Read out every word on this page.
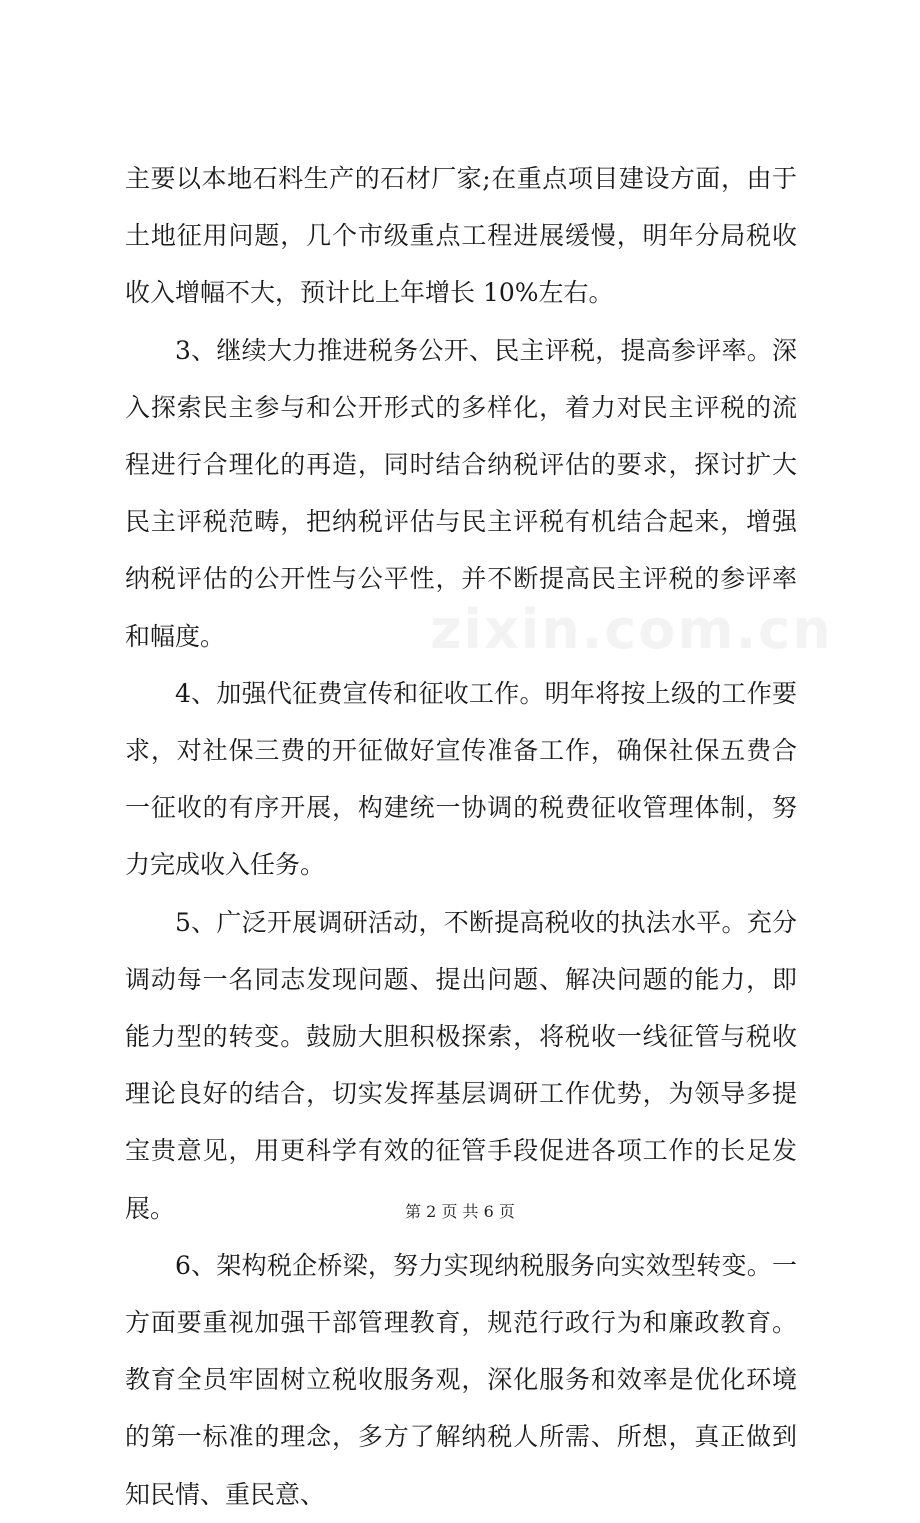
主要以本地石料生产的石材厂家;在重点项目建设方面，由于土地征用问题，几个市级重点工程进展缓慢，明年分局税收收入增幅不大，预计比上年增长 10%左右。

3、继续大力推进税务公开、民主评税，提高参评率。深入探索民主参与和公开形式的多样化，着力对民主评税的流程进行合理化的再造，同时结合纳税评估的要求，探讨扩大民主评税范畴，把纳税评估与民主评税有机结合起来，增强纳税评估的公开性与公平性，并不断提高民主评税的参评率和幅度。

4、加强代征费宣传和征收工作。明年将按上级的工作要求，对社保三费的开征做好宣传准备工作，确保社保五费合一征收的有序开展，构建统一协调的税费征收管理体制，努力完成收入任务。

5、广泛开展调研活动，不断提高税收的执法水平。充分调动每一名同志发现问题、提出问题、解决问题的能力，即能力型的转变。鼓励大胆积极探索，将税收一线征管与税收理论良好的结合，切实发挥基层调研工作优势，为领导多提宝贵意见，用更科学有效的征管手段促进各项工作的长足发展。

6、架构税企桥梁，努力实现纳税服务向实效型转变。一方面要重视加强干部管理教育，规范行政行为和廉政教育。教育全员牢固树立税收服务观，深化服务和效率是优化环境的第一标准的理念，多方了解纳税人所需、所想，真正做到知民情、重民意、

zixin.com.cn
第 2 页 共 6 页
